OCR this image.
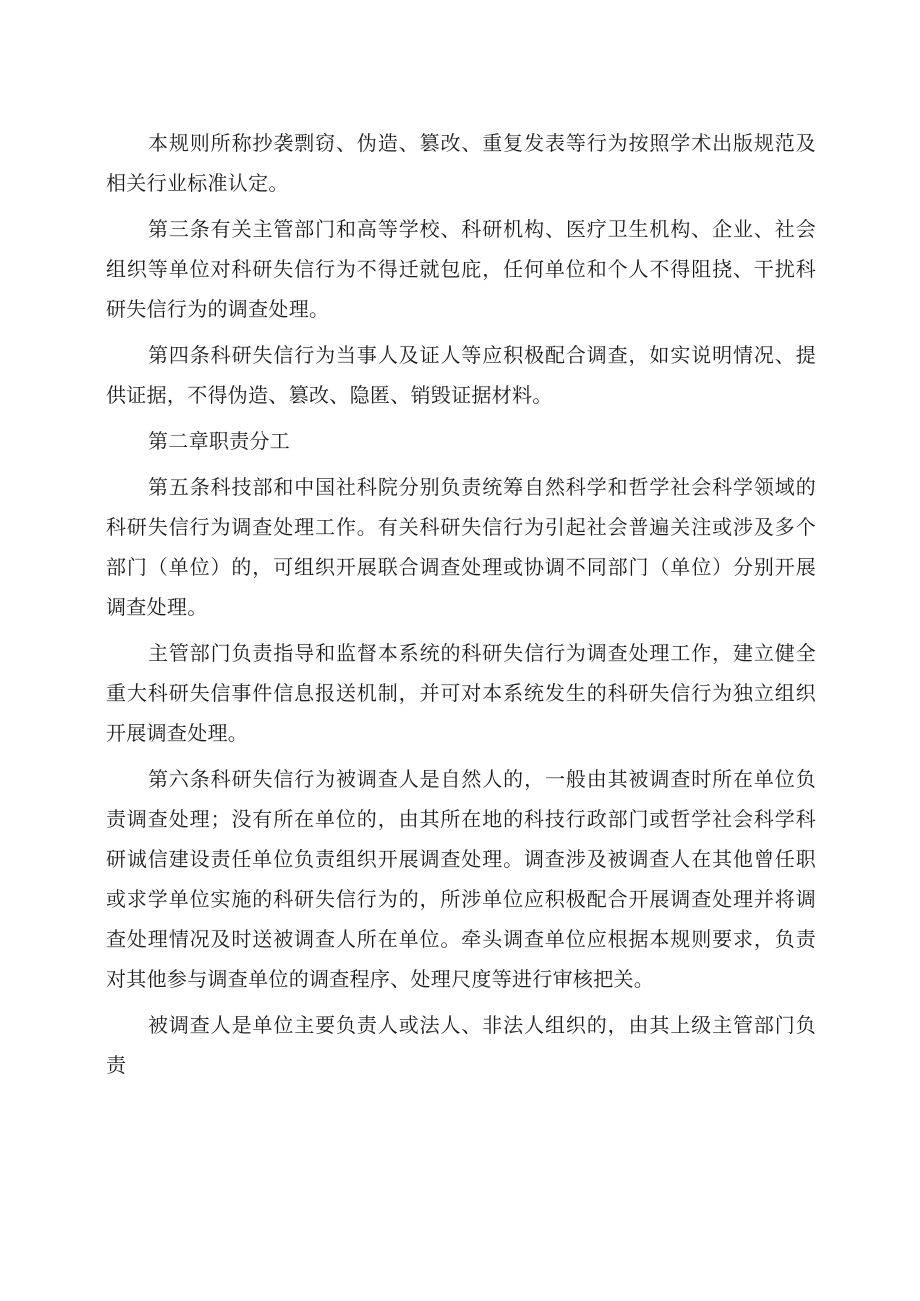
本规则所称抄袭剽窃、伪造、篡改、重复发表等行为按照学术出版规范及相关行业标准认定。

第三条有关主管部门和高等学校、科研机构、医疗卫生机构、企业、社会组织等单位对科研失信行为不得迁就包庇，任何单位和个人不得阻挠、干扰科研失信行为的调查处理。

第四条科研失信行为当事人及证人等应积极配合调查，如实说明情况、提供证据，不得伪造、篡改、隐匿、销毁证据材料。

第二章职责分工

第五条科技部和中国社科院分别负责统筹自然科学和哲学社会科学领域的科研失信行为调查处理工作。有关科研失信行为引起社会普遍关注或涉及多个部门（单位）的，可组织开展联合调查处理或协调不同部门（单位）分别开展调查处理。

主管部门负责指导和监督本系统的科研失信行为调查处理工作，建立健全重大科研失信事件信息报送机制，并可对本系统发生的科研失信行为独立组织开展调查处理。

第六条科研失信行为被调查人是自然人的，一般由其被调查时所在单位负责调查处理；没有所在单位的，由其所在地的科技行政部门或哲学社会科学科研诚信建设责任单位负责组织开展调查处理。调查涉及被调查人在其他曾任职或求学单位实施的科研失信行为的，所涉单位应积极配合开展调查处理并将调查处理情况及时送被调查人所在单位。牵头调查单位应根据本规则要求，负责对其他参与调查单位的调查程序、处理尺度等进行审核把关。

被调查人是单位主要负责人或法人、非法人组织的，由其上级主管部门负责
